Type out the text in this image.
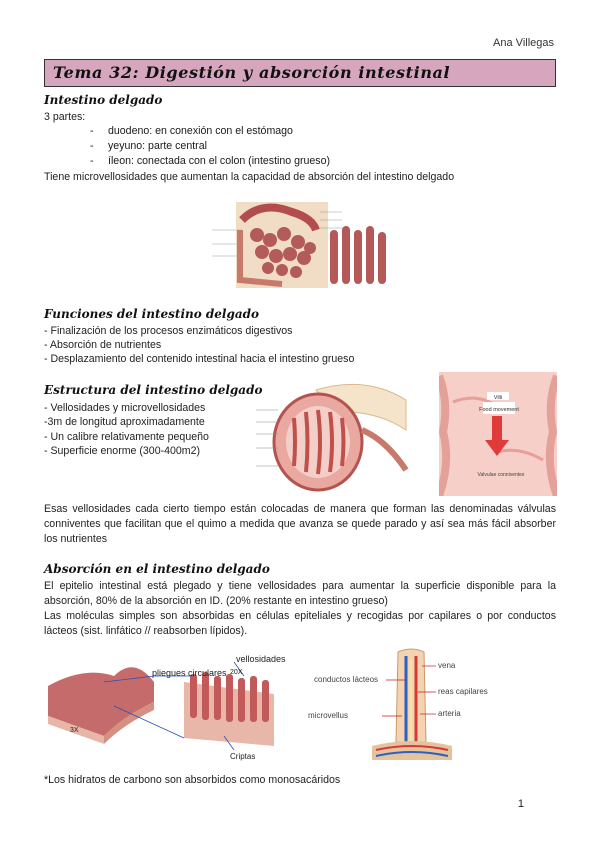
Ana Villegas
Tema 32: Digestión y absorción intestinal
Intestino delgado
3 partes:
- duodeno: en conexión con el estómago
- yeyuno: parte central
- íleon: conectada con el colon (intestino grueso)
Tiene microvellosidades que aumentan la capacidad de absorción del intestino delgado
Funciones del intestino delgado
- Finalización de los procesos enzimáticos digestivos
- Absorción de nutrientes
- Desplazamiento del contenido intestinal hacia el intestino grueso
Estructura del intestino delgado
- Vellosidades y microvellosidades
-3m de longitud aproximadamente
- Un calibre relativamente pequeño
- Superficie enorme (300-400m2)
Villi
Food movement
Valvulae conniventes
Esas vellosidades cada cierto tiempo están colocadas de manera que forman las denominadas válvulas conniventes que facilitan que el quimo a medida que avanza se quede parado y así sea más fácil absorber los nutrientes
Absorción en el intestino delgado
El epitelio intestinal está plegado y tiene vellosidades para aumentar la superficie disponible para la absorción, 80% de la absorción en ID. (20% restante en intestino grueso)
Las moléculas simples son absorbidas en células epiteliales y recogidas por capilares o por conductos lácteos (sist. linfático // reabsorben lípidos).
pliegues circulares
vellosidades
20X
3X
Criptas
vena
conductos lácteos
reas capilares
microvellus	arteria
*Los hidratos de carbono son absorbidos como monosacáridos
1
